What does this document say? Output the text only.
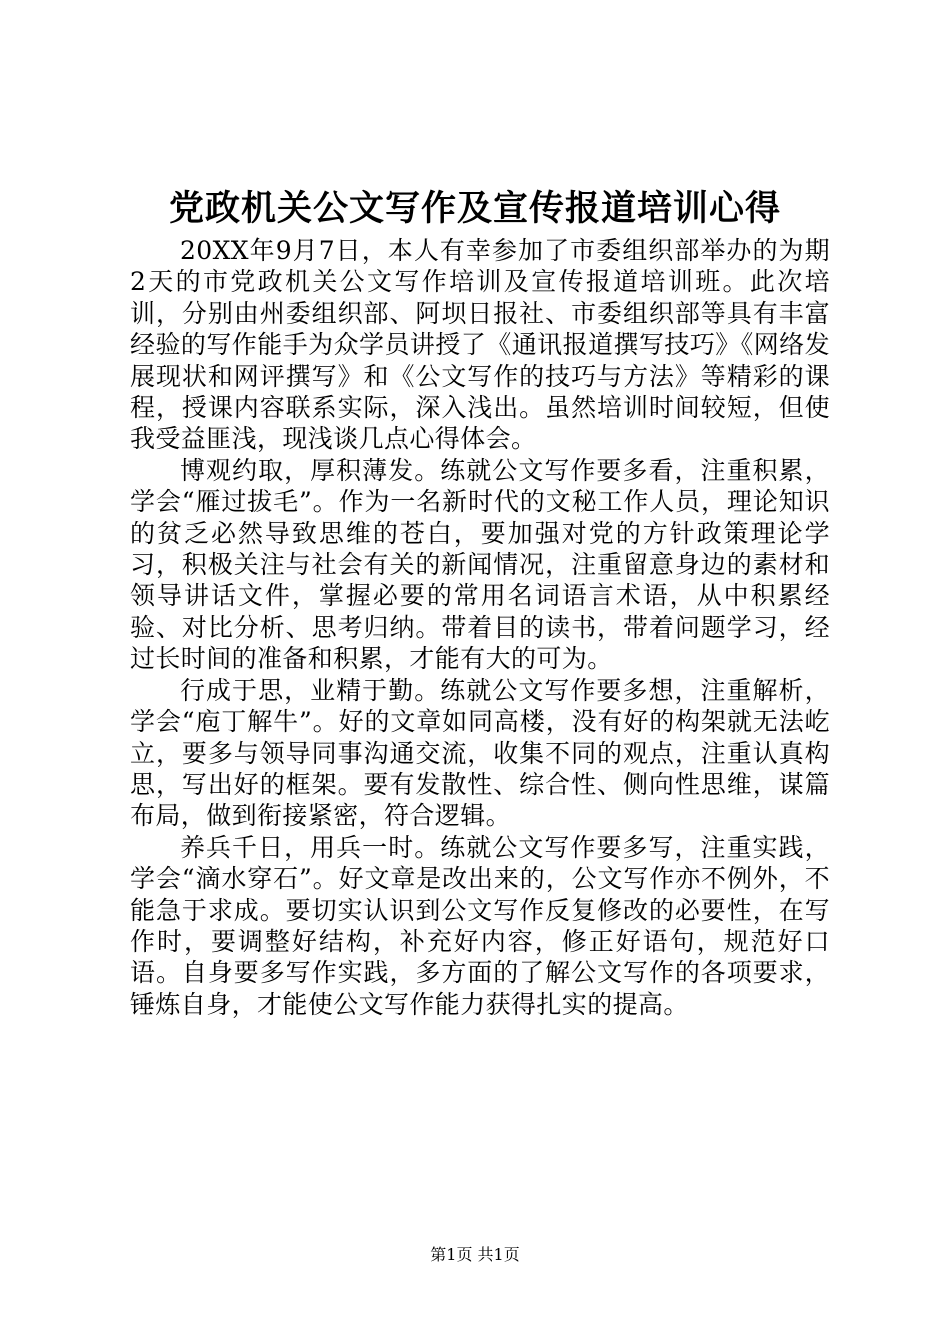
党政机关公文写作及宣传报道培训心得

20XX年9月7日，本人有幸参加了市委组织部举办的为期2天的市党政机关公文写作培训及宣传报道培训班。此次培训，分别由州委组织部、阿坝日报社、市委组织部等具有丰富经验的写作能手为众学员讲授了《通讯报道撰写技巧》《网络发展现状和网评撰写》和《公文写作的技巧与方法》等精彩的课程，授课内容联系实际，深入浅出。虽然培训时间较短，但使我受益匪浅，现浅谈几点心得体会。

博观约取，厚积薄发。练就公文写作要多看，注重积累，学会“雁过拔毛”。作为一名新时代的文秘工作人员，理论知识的贫乏必然导致思维的苍白，要加强对党的方针政策理论学习，积极关注与社会有关的新闻情况，注重留意身边的素材和领导讲话文件，掌握必要的常用名词语言术语，从中积累经验、对比分析、思考归纳。带着目的读书，带着问题学习，经过长时间的准备和积累，才能有大的可为。

行成于思，业精于勤。练就公文写作要多想，注重解析，学会“庖丁解牛”。好的文章如同高楼，没有好的构架就无法屹立，要多与领导同事沟通交流，收集不同的观点，注重认真构思，写出好的框架。要有发散性、综合性、侧向性思维，谋篇布局，做到衔接紧密，符合逻辑。

养兵千日，用兵一时。练就公文写作要多写，注重实践，学会“滴水穿石”。好文章是改出来的，公文写作亦不例外，不能急于求成。要切实认识到公文写作反复修改的必要性，在写作时，要调整好结构，补充好内容，修正好语句，规范好口语。自身要多写作实践，多方面的了解公文写作的各项要求，锤炼自身，才能使公文写作能力获得扎实的提高。

第1页 共1页
